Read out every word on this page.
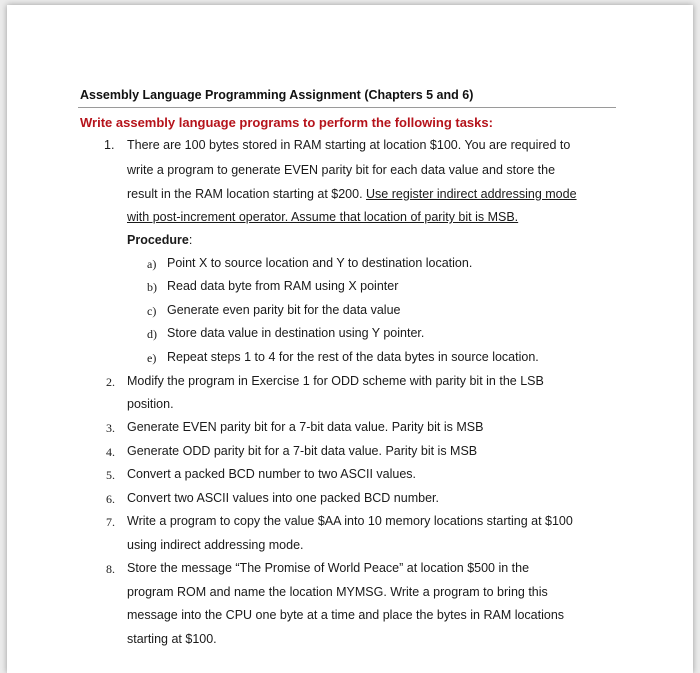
Assembly Language Programming Assignment (Chapters 5 and 6)
Write assembly language programs to perform the following tasks:
1. There are 100 bytes stored in RAM starting at location $100. You are required to
write a program to generate EVEN parity bit for each data value and store the
result in the RAM location starting at $200. Use register indirect addressing mode
with post-increment operator. Assume that location of parity bit is MSB.
Procedure:
a) Point X to source location and Y to destination location.
b) Read data byte from RAM using X pointer
c) Generate even parity bit for the data value
d) Store data value in destination using Y pointer.
e) Repeat steps 1 to 4 for the rest of the data bytes in source location.
2. Modify the program in Exercise 1 for ODD scheme with parity bit in the LSB
position.
3. Generate EVEN parity bit for a 7-bit data value. Parity bit is MSB
4. Generate ODD parity bit for a 7-bit data value. Parity bit is MSB
5. Convert a packed BCD number to two ASCII values.
6. Convert two ASCII values into one packed BCD number.
7. Write a program to copy the value $AA into 10 memory locations starting at $100
using indirect addressing mode.
8. Store the message “The Promise of World Peace” at location $500 in the
program ROM and name the location MYMSG. Write a program to bring this
message into the CPU one byte at a time and place the bytes in RAM locations
starting at $100.
